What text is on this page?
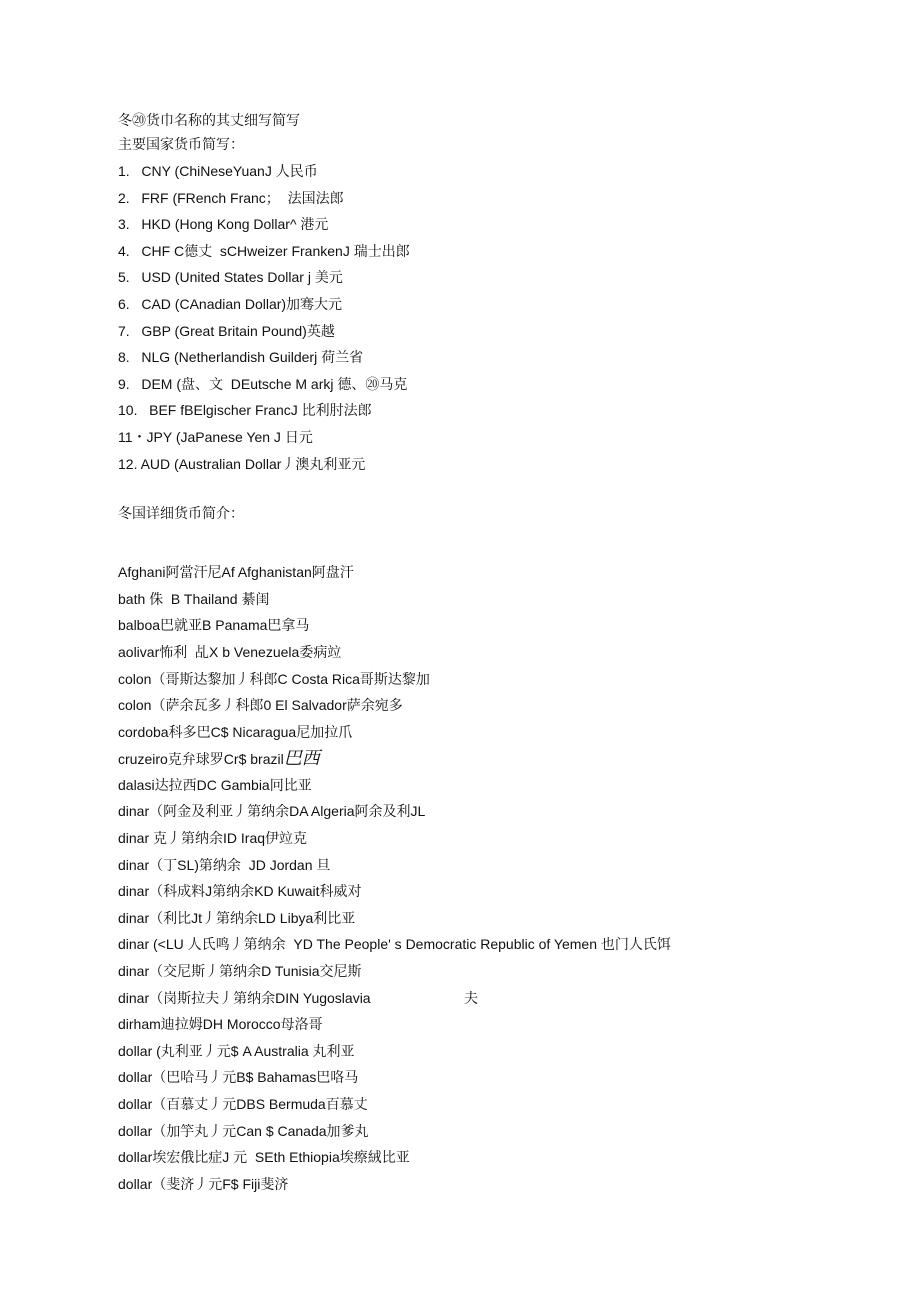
冬⑳货巾名称的其丈细写简写
主要国家货币简写：
1.   CNY (ChiNeseYuanJ 人民币
2.   FRF (FRench Franc；  法国法郎
3.   HKD (Hong Kong Dollar^ 港元
4.   CHF C德丈  sCHweizer FrankenJ 瑞士出郎
5.   USD (United States Dollar j 美元
6.   CAD (CAnadian Dollar)加骞大元
7.   GBP (Great Britain Pound)英越
8.   NLG (Netherlandish Guilderj 荷兰省
9.   DEM (盘、文  DEutsche M arkj 德、⑳马克
10.   BEF fBElgischer FrancJ 比利肘法郎
11・JPY (JaPanese Yen J 日元
12. AUD (Australian Dollar丿澳丸利亚元
冬国详细货币简介：
Afghani阿當汗尼Af Afghanistan阿盘汗
bath 侏  B Thailand 綦闺
balboa巴就亚B Panama巴拿马
aolivar怖利  乩X b Venezuela委病竝
colon（哥斯达黎加丿科郎C Costa Rica哥斯达黎加
colon（萨余瓦多丿科郎0 El Salvador萨余宛多
cordoba科多巴C$ Nicaragua尼加拉爪
cruzeiro克弁球罗Cr$ brazil巴西
dalasi达拉西DC Gambia冋比亚
dinar（阿金及利亚丿第纳余DA Algeria阿余及利JL
dinar 克丿第纳余ID Iraq伊竝克
dinar（丁SL)第纳余  JD Jordan 旦
dinar（科成料J第纳余KD Kuwait科威对
dinar（利比Jt丿第纳余LD Libya利比亚
dinar (<LU 人氏鸣丿第纳余  YD The People' s Democratic Republic of Yemen 也门人氏饵
dinar（交尼斯丿第纳余D Tunisia交尼斯
dinar（岗斯拉夫丿第纳余DIN Yugoslavia                        夫
dirham迪拉姆DH Morocco母洛哥
dollar (丸利亚丿元$ A Australia 丸利亚
dollar（巴哈马丿元B$ Bahamas巴咯马
dollar（百慕丈丿元DBS Bermuda百慕丈
dollar（加竽丸丿元Can $ Canada加爹丸
dollar埃宏俄比症J 元  SEth Ethiopia埃瘵絨比亚
dollar（斐济丿元F$ Fiji斐济
